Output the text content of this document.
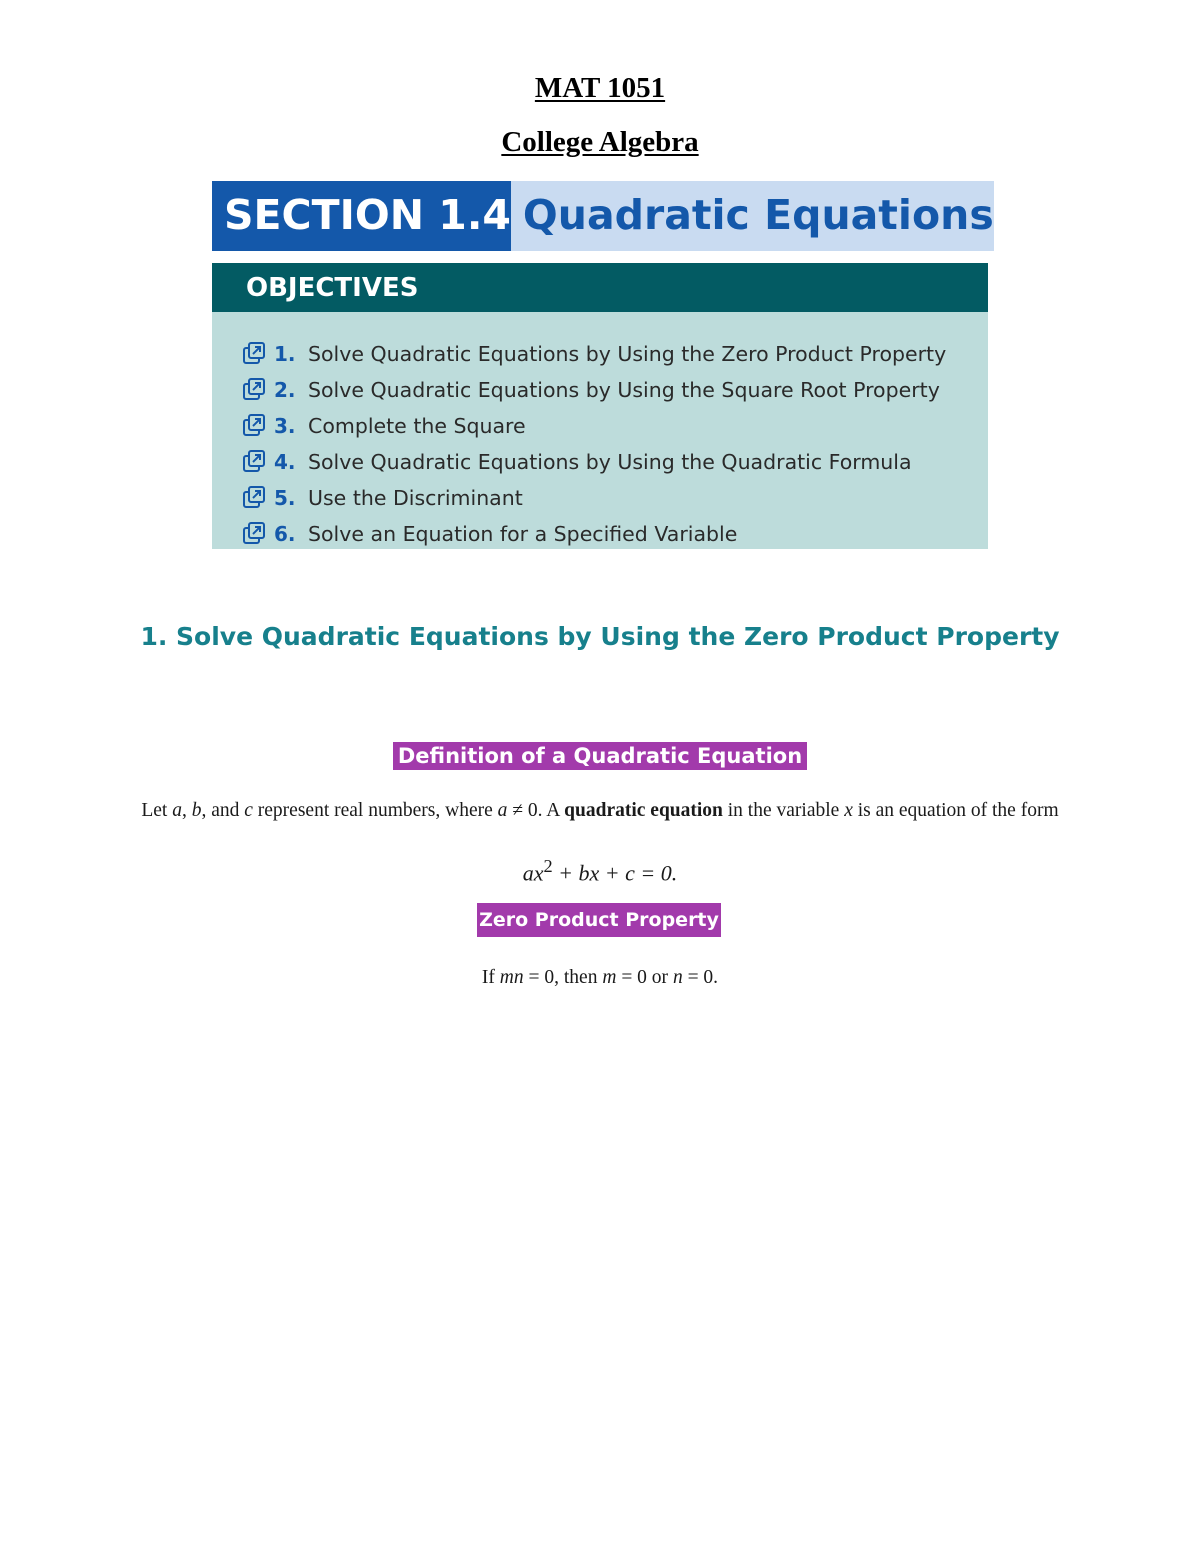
MAT 1051
College Algebra
SECTION 1.4 Quadratic Equations
OBJECTIVES
1. Solve Quadratic Equations by Using the Zero Product Property
2. Solve Quadratic Equations by Using the Square Root Property
3. Complete the Square
4. Solve Quadratic Equations by Using the Quadratic Formula
5. Use the Discriminant
6. Solve an Equation for a Specified Variable
1. Solve Quadratic Equations by Using the Zero Product Property
Definition of a Quadratic Equation
Let a, b, and c represent real numbers, where a ≠ 0. A quadratic equation in the variable x is an equation of the form
$ax^2$ + bx + c = 0.
Zero Product Property
If mn = 0, then m = 0 or n = 0.
